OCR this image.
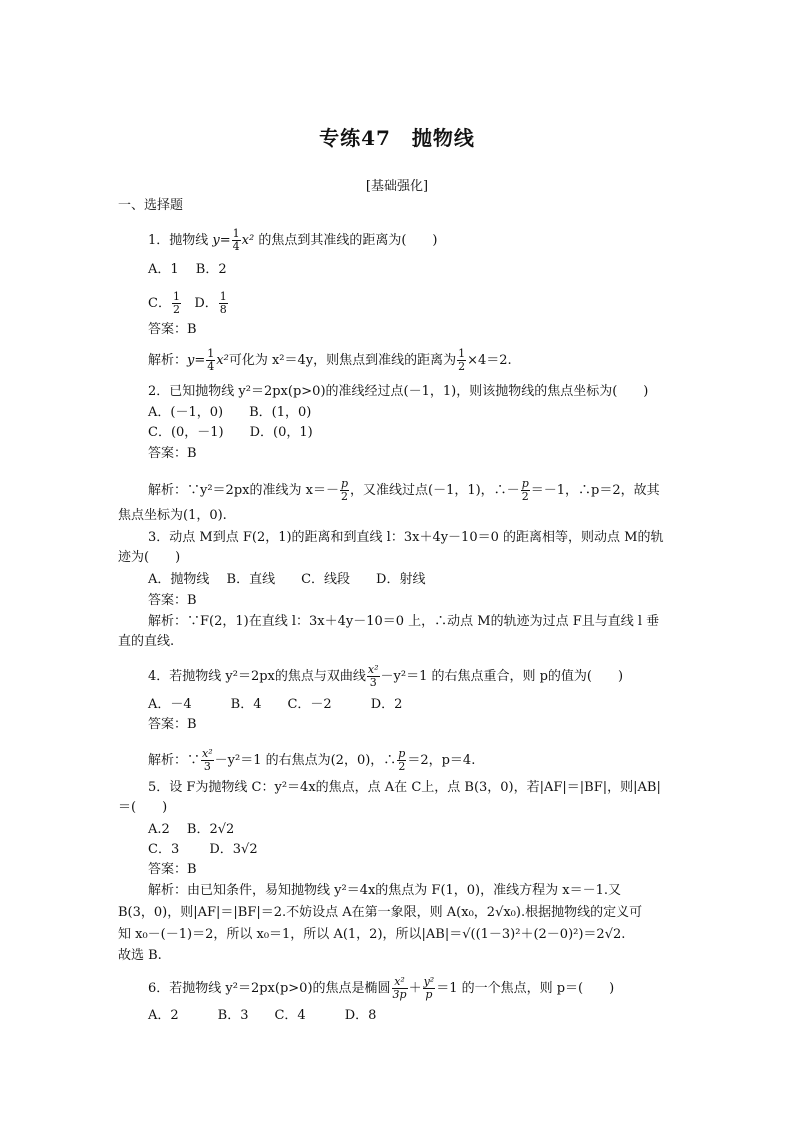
专练47　抛物线
[基础强化]
一、选择题
1．抛物线 $y= \frac{1}{4} x^2$ 的焦点到其准线的距离为(　　)
A．1　 B．2
C． $\frac{1}{2}$ D． $\frac{1}{8}$
答案：B
解析：$y= \frac{1}{4} x^2$可化为 x²＝4y，则焦点到准线的距离为 $\frac{1}{2} \times 4=2$.
2．已知抛物线 y²＝2px(p>0)的准线经过点(－1，1)，则该抛物线的焦点坐标为(　　)
A．(－1，0)　　B．(1，0)
C．(0，－1)　　D．(0，1)
答案：B
解析：∵y²＝2px的准线为 $x=- \frac{p}{2}$ ，又准线过点(－1，1)，∴－ $\frac{p}{2} =-1$，∴p＝2，故其
焦点坐标为(1，0).
3．动点 M到点 F(2，1)的距离和到直线 l：3x＋4y－10＝0 的距离相等，则动点 M的轨
迹为(　　)
A．抛物线　 B．直线　　C．线段　　D．射线
答案：B
解析：∵F(2，1)在直线 l：3x＋4y－10＝0 上，∴动点 M的轨迹为过点 F且与直线 l 垂
直的直线.
4．若抛物线 y²＝2px的焦点与双曲线 $\frac{\text{x²}}{3} -y^2=1$ 的右焦点重合，则 p的值为(　　)
A．－4　　　B．4　　C．－2　　　D．2
答案：B
解析：∵ $\frac{\text{x²}}{3} -y^2=1$ 的右焦点为(2，0)，∴ $\frac{p}{2} =2$，p＝4.
5．设 F为抛物线 C：y²＝4x的焦点，点 A在 C上，点 B(3，0)，若|AF|＝|BF|，则|AB|
＝(　　)
A.2　 B．2√2
C．3　　 D．3√2
答案：B
解析：由已知条件，易知抛物线 y²＝4x的焦点为 F(1，0)，准线方程为 x＝－1.又
B(3，0)，则|AF|＝|BF|＝2.不妨设点 A在第一象限，则 A(x₀，2√x₀).根据抛物线的定义可
知 x₀－(－1)＝2，所以 x₀＝1，所以 A(1，2)，所以|AB|＝√((1－3)²＋(2－0)²)＝2√2.
故选 B.
6．若抛物线 y²＝2px(p>0)的焦点是椭圆 $\frac{\text{x²}}{3p} + \frac{\text{y²}}{p} =1$ 的一个焦点，则 p＝(　　)
A．2　　　B．3　　C．4　　　D．8
